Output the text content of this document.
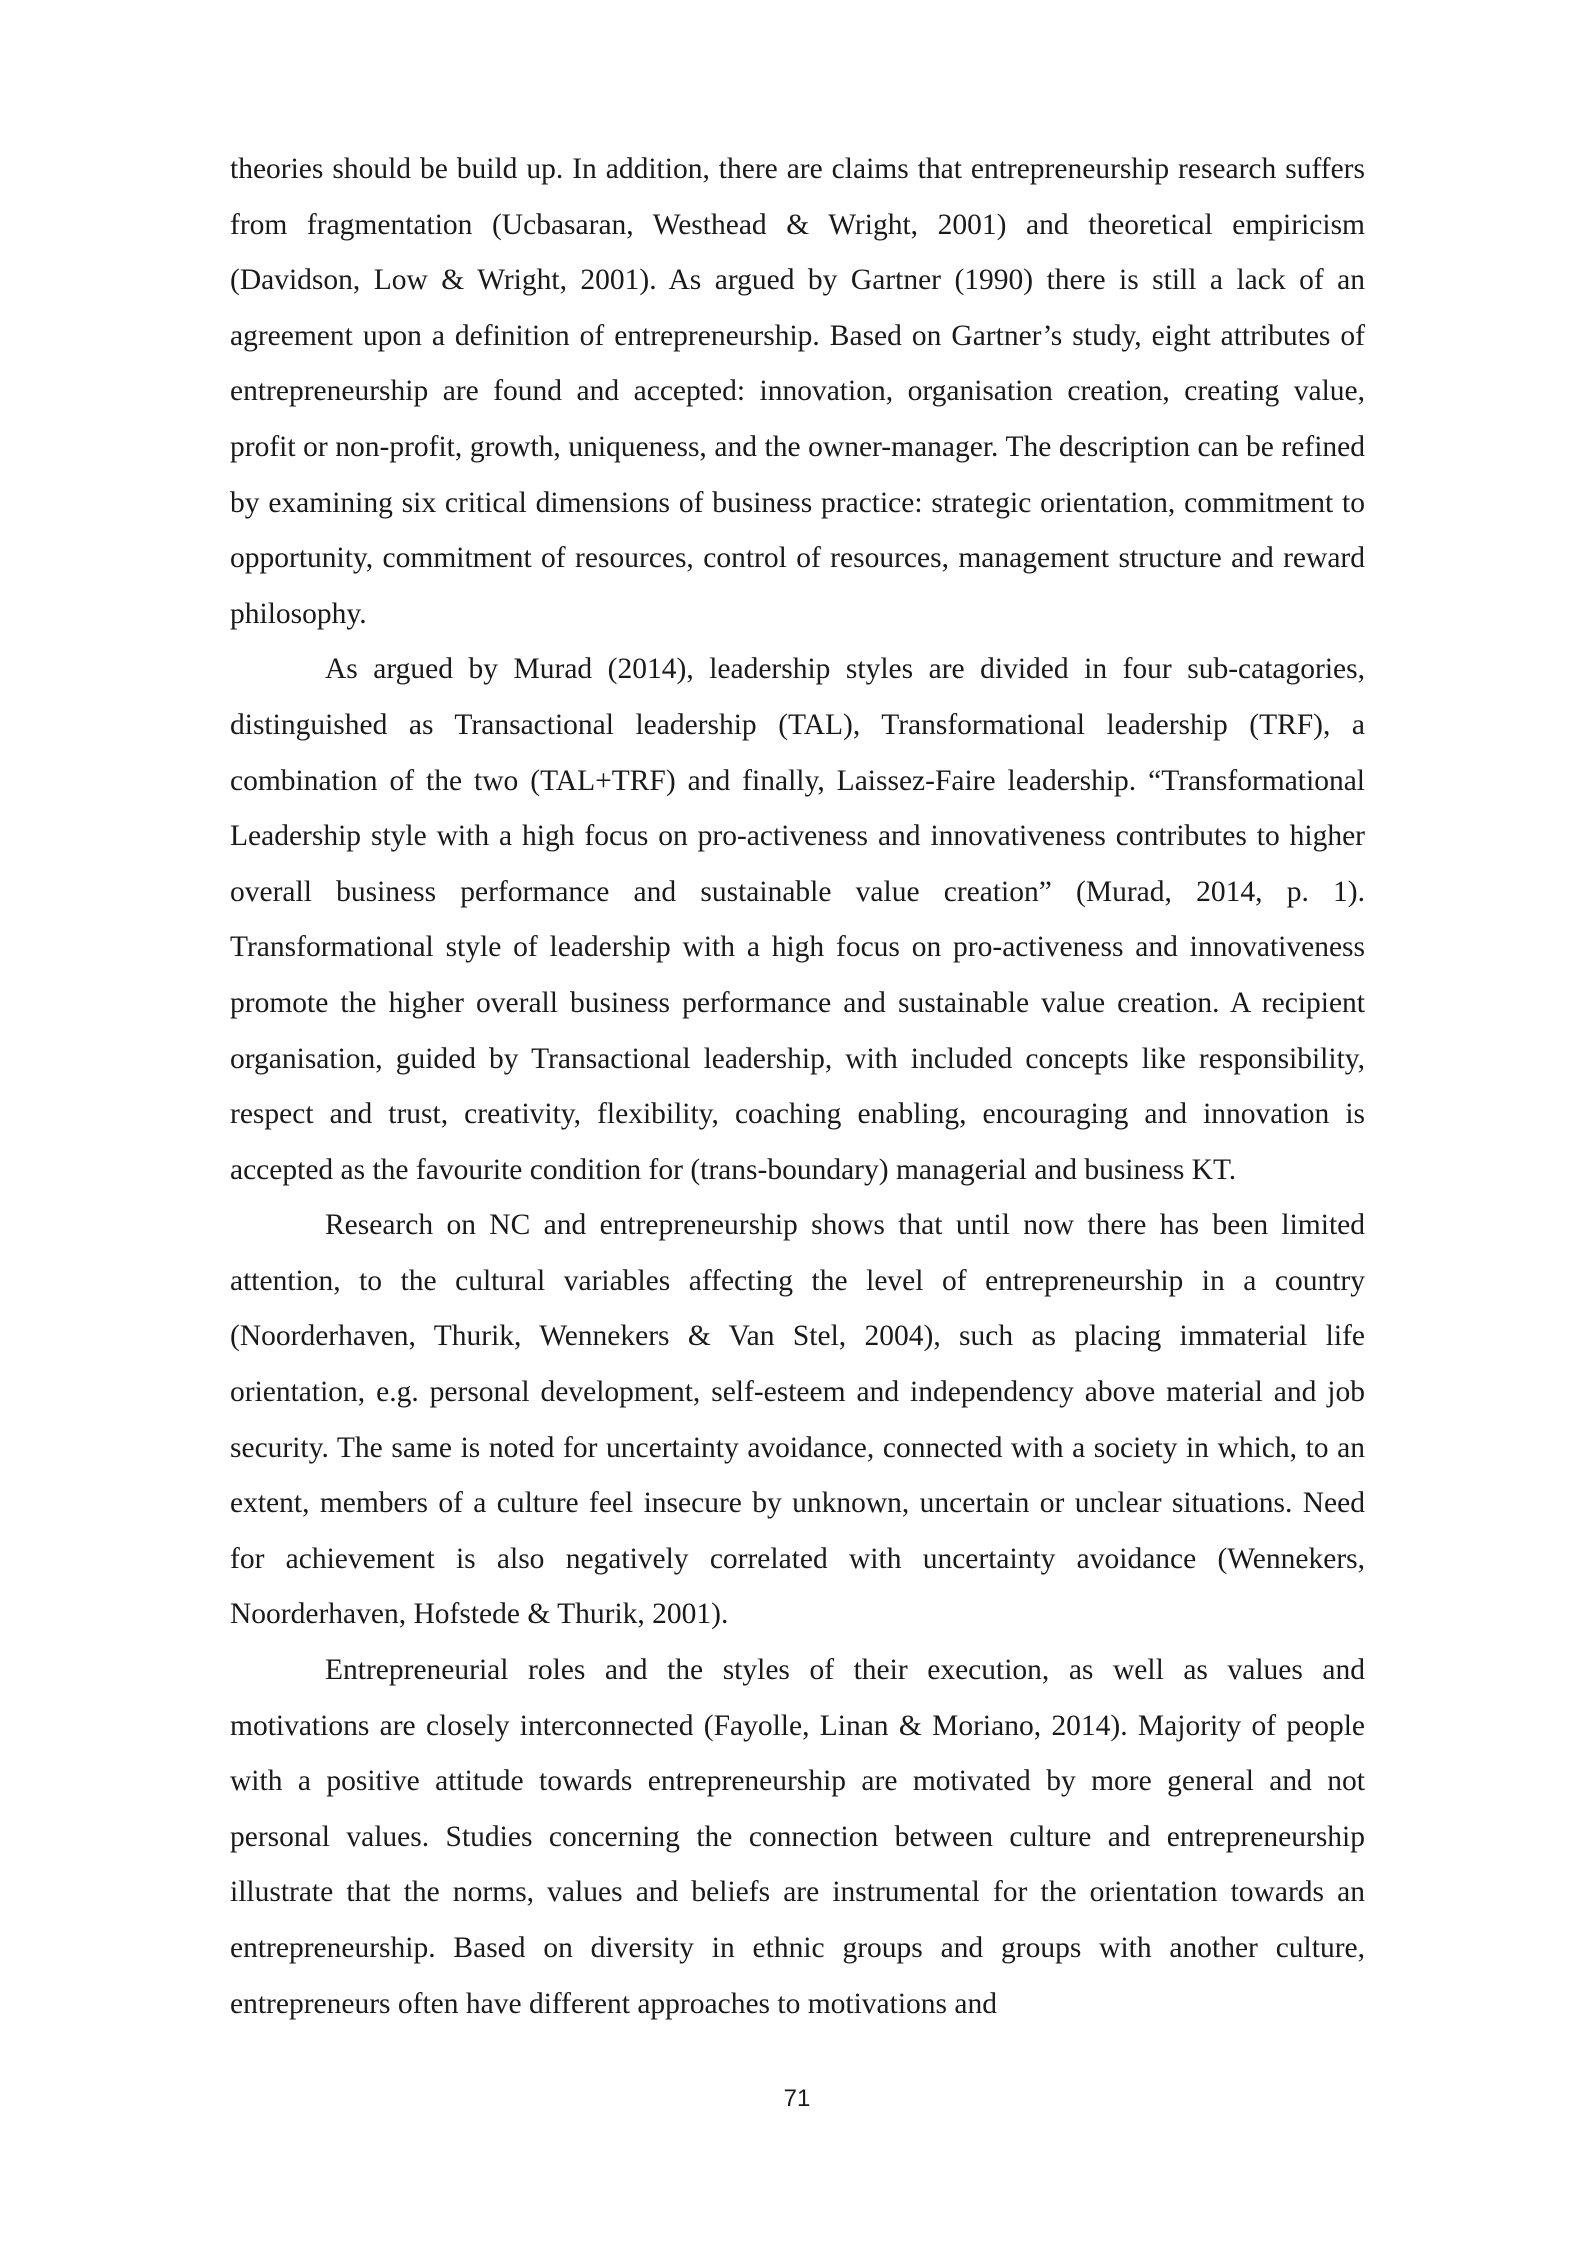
theories should be build up. In addition, there are claims that entrepreneurship research suffers from fragmentation (Ucbasaran, Westhead & Wright, 2001) and theoretical empiricism (Davidson, Low & Wright, 2001). As argued by Gartner (1990) there is still a lack of an agreement upon a definition of entrepreneurship. Based on Gartner’s study, eight attributes of entrepreneurship are found and accepted: innovation, organisation creation, creating value, profit or non-profit, growth, uniqueness, and the owner-manager. The description can be refined by examining six critical dimensions of business practice: strategic orientation, commitment to opportunity, commitment of resources, control of resources, management structure and reward philosophy.

As argued by Murad (2014), leadership styles are divided in four sub-catagories, distinguished as Transactional leadership (TAL), Transformational leadership (TRF), a combination of the two (TAL+TRF) and finally, Laissez-Faire leadership. “Transformational Leadership style with a high focus on pro-activeness and innovativeness contributes to higher overall business performance and sustainable value creation” (Murad, 2014, p. 1). Transformational style of leadership with a high focus on pro-activeness and innovativeness promote the higher overall business performance and sustainable value creation. A recipient organisation, guided by Transactional leadership, with included concepts like responsibility, respect and trust, creativity, flexibility, coaching enabling, encouraging and innovation is accepted as the favourite condition for (trans-boundary) managerial and business KT.

Research on NC and entrepreneurship shows that until now there has been limited attention, to the cultural variables affecting the level of entrepreneurship in a country (Noorderhaven, Thurik, Wennekers & Van Stel, 2004), such as placing immaterial life orientation, e.g. personal development, self-esteem and independency above material and job security. The same is noted for uncertainty avoidance, connected with a society in which, to an extent, members of a culture feel insecure by unknown, uncertain or unclear situations. Need for achievement is also negatively correlated with uncertainty avoidance (Wennekers, Noorderhaven, Hofstede & Thurik, 2001).

Entrepreneurial roles and the styles of their execution, as well as values and motivations are closely interconnected (Fayolle, Linan & Moriano, 2014). Majority of people with a positive attitude towards entrepreneurship are motivated by more general and not personal values. Studies concerning the connection between culture and entrepreneurship illustrate that the norms, values and beliefs are instrumental for the orientation towards an entrepreneurship. Based on diversity in ethnic groups and groups with another culture, entrepreneurs often have different approaches to motivations and

71
